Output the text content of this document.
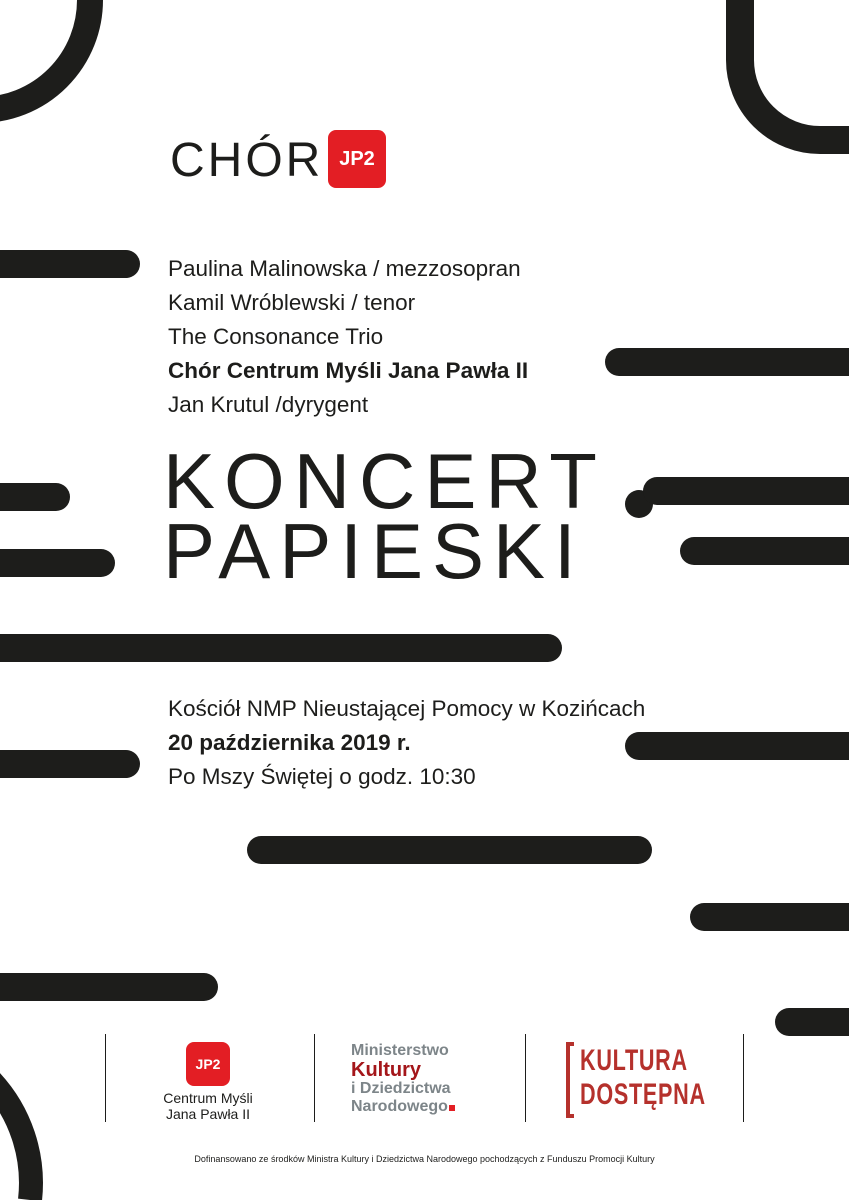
CHÓR JP2
Paulina Malinowska / mezzosopran
Kamil Wróblewski / tenor
The Consonance Trio
Chór Centrum Myśli Jana Pawła II
Jan Krutul /dyrygent
KONCERT
PAPIESKI
Kościół NMP Nieustającej Pomocy w Kozińcach
20 października 2019 r.
Po Mszy Świętej o godz. 10:30
JP2
Centrum Myśli
Jana Pawła II
Ministerstwo
Kultury
i Dziedzictwa
Narodowego
KULTURA
DOSTĘPNA
Dofinansowano ze środków Ministra Kultury i Dziedzictwa Narodowego pochodzących z Funduszu Promocji Kultury
